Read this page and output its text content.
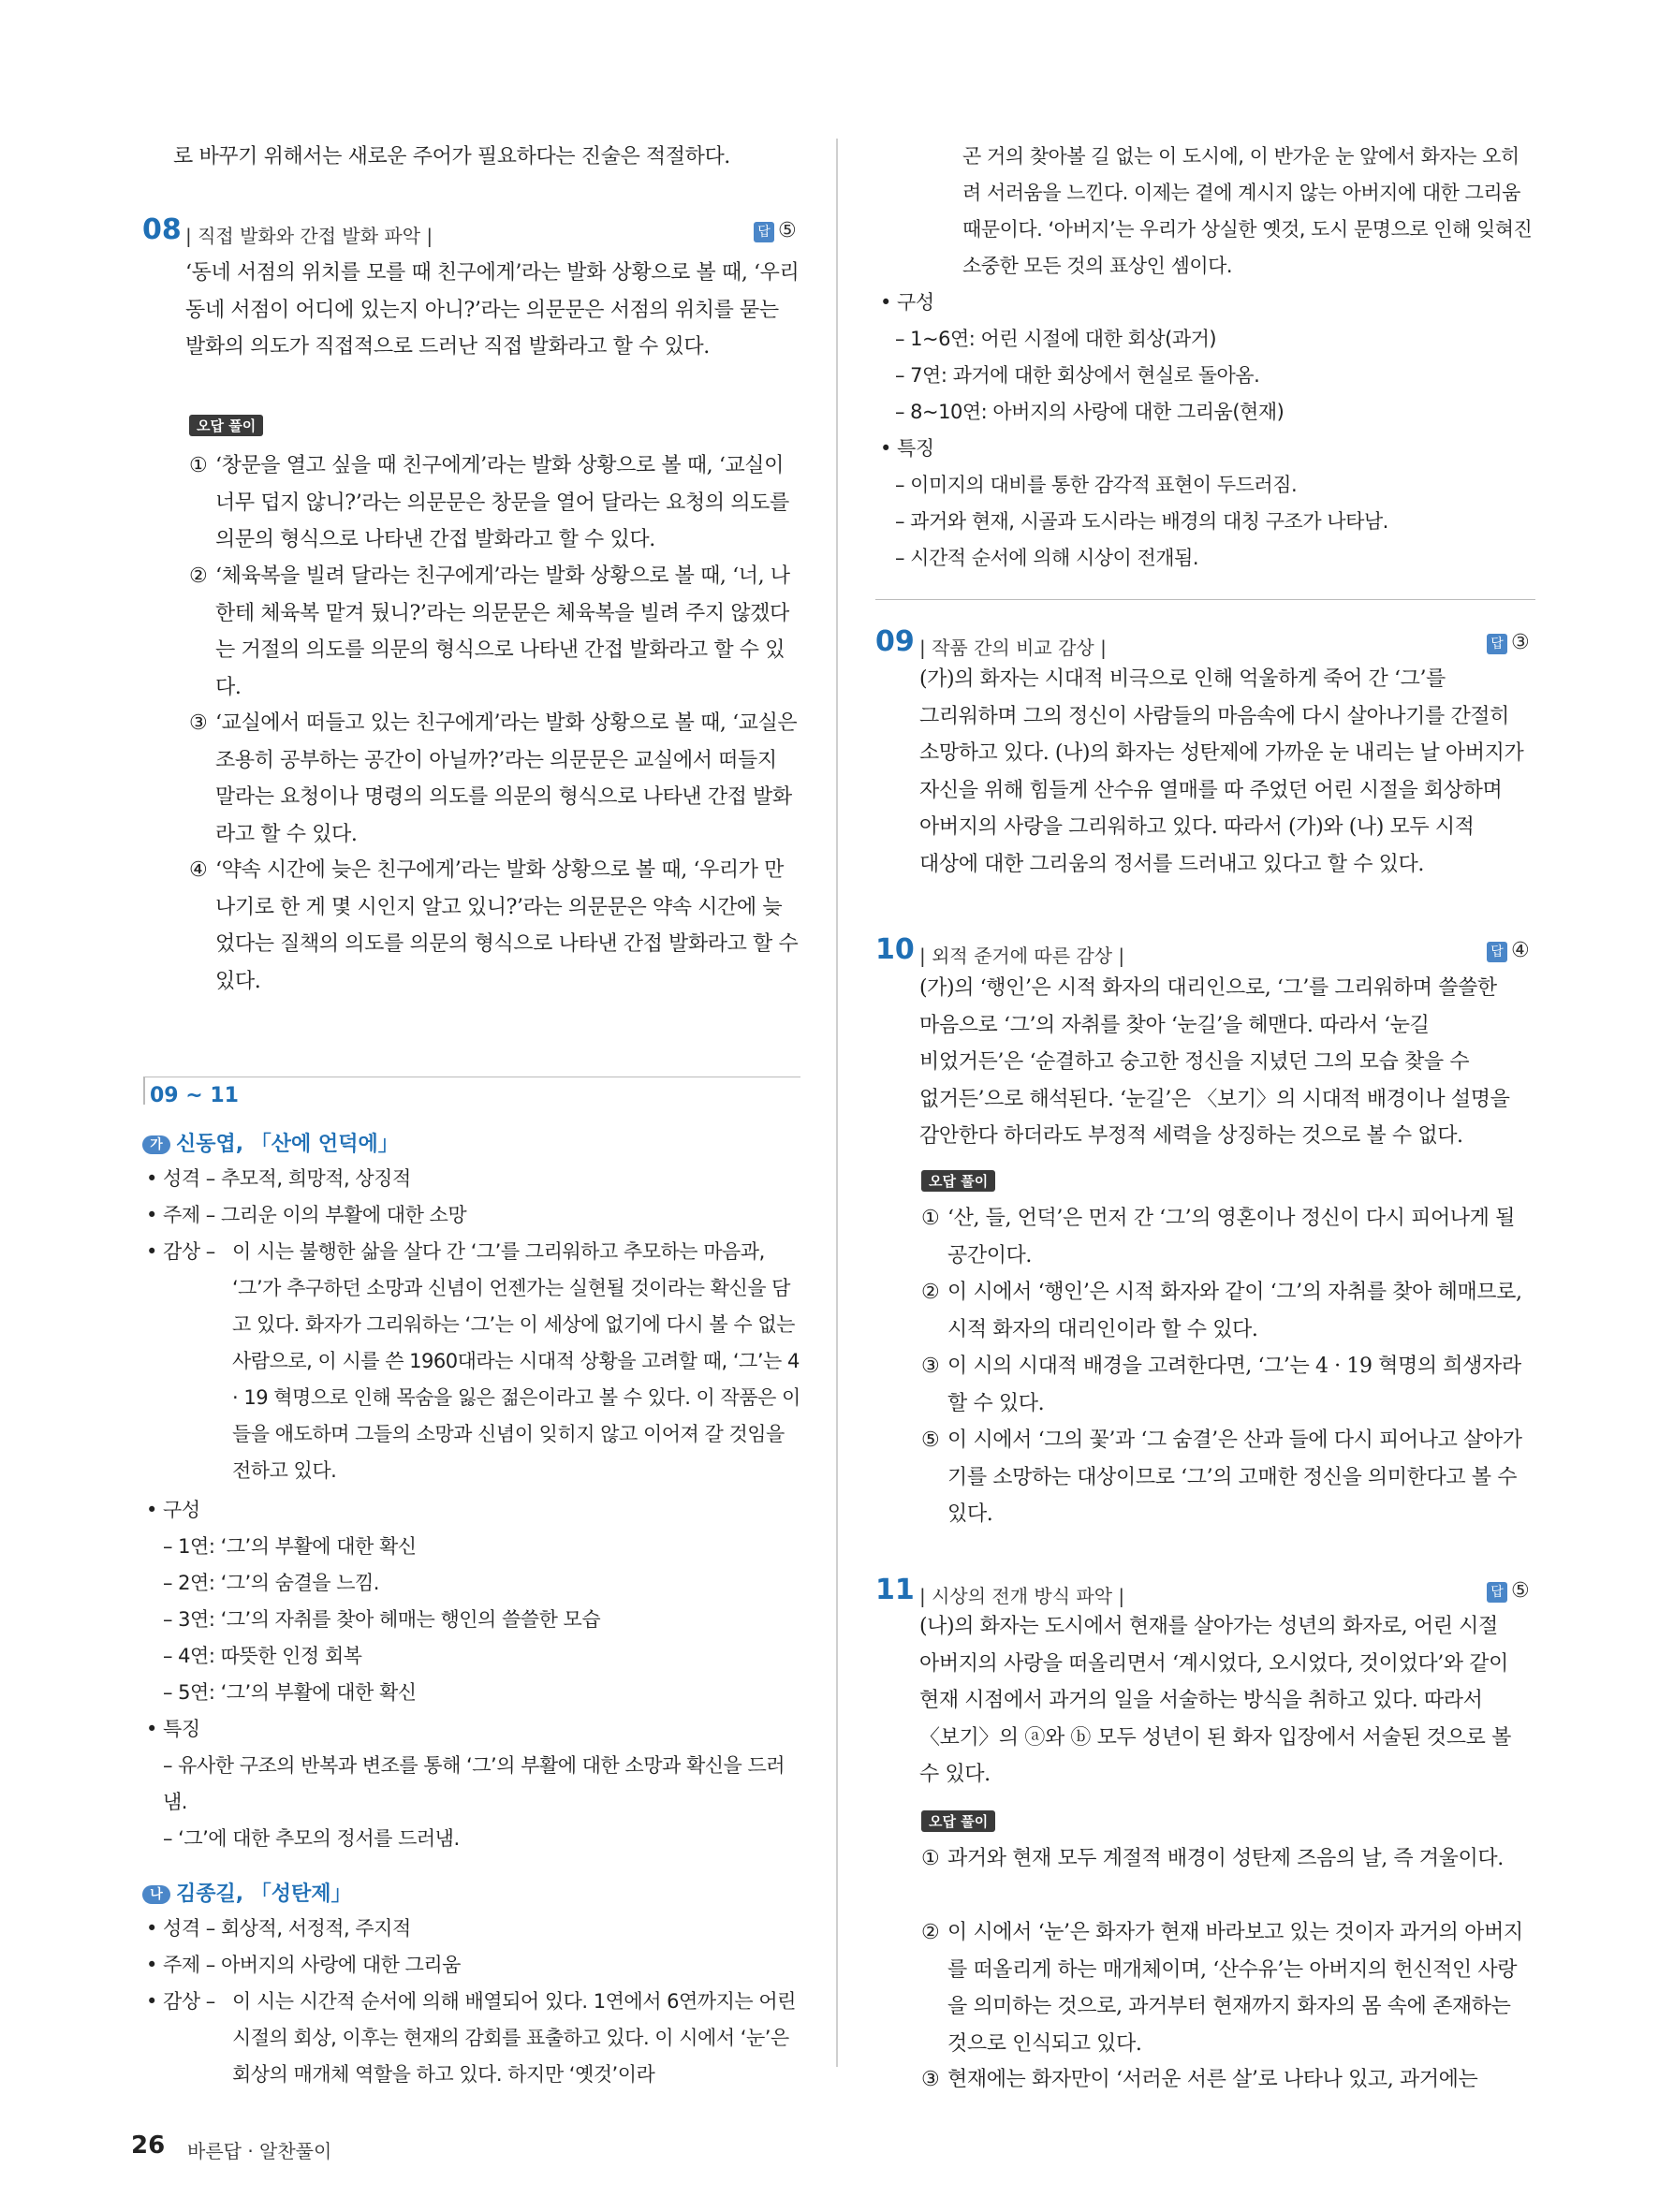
로 바꾸기 위해서는 새로운 주어가 필요하다는 진술은 적절하다.
08 | 직접 발화와 간접 발화 파악 |	답 ⑤
‘동네 서점의 위치를 모를 때 친구에게’라는 발화 상황으로 볼 때, ‘우리 동네 서점이 어디에 있는지 아니?’라는 의문문은 서점의 위치를 묻는 발화의 의도가 직접적으로 드러난 직접 발화라고 할 수 있다.
오답 풀이
① ‘창문을 열고 싶을 때 친구에게’라는 발화 상황으로 볼 때, ‘교실이 너무 덥지 않니?’라는 의문문은 창문을 열어 달라는 요청의 의도를 의문의 형식으로 나타낸 간접 발화라고 할 수 있다.
② ‘체육복을 빌려 달라는 친구에게’라는 발화 상황으로 볼 때, ‘너, 나한테 체육복 맡겨 뒀니?’라는 의문문은 체육복을 빌려 주지 않겠다는 거절의 의도를 의문의 형식으로 나타낸 간접 발화라고 할 수 있다.
③ ‘교실에서 떠들고 있는 친구에게’라는 발화 상황으로 볼 때, ‘교실은 조용히 공부하는 공간이 아닐까?’라는 의문문은 교실에서 떠들지 말라는 요청이나 명령의 의도를 의문의 형식으로 나타낸 간접 발화라고 할 수 있다.
④ ‘약속 시간에 늦은 친구에게’라는 발화 상황으로 볼 때, ‘우리가 만나기로 한 게 몇 시인지 알고 있니?’라는 의문문은 약속 시간에 늦었다는 질책의 의도를 의문의 형식으로 나타낸 간접 발화라고 할 수 있다.
09 ~ 11
가 신동엽, 「산에 언덕에」
• 성격 – 추모적, 희망적, 상징적
• 주제 – 그리운 이의 부활에 대한 소망
• 감상 – 이 시는 불행한 삶을 살다 간 ‘그’를 그리워하고 추모하는 마음과, ‘그’가 추구하던 소망과 신념이 언젠가는 실현될 것이라는 확신을 담고 있다. 화자가 그리워하는 ‘그’는 이 세상에 없기에 다시 볼 수 없는 사람으로, 이 시를 쓴 1960대라는 시대적 상황을 고려할 때, ‘그’는 4 · 19 혁명으로 인해 목숨을 잃은 젊은이라고 볼 수 있다. 이 작품은 이들을 애도하며 그들의 소망과 신념이 잊히지 않고 이어져 갈 것임을 전하고 있다.
• 구성
– 1연: ‘그’의 부활에 대한 확신
– 2연: ‘그’의 숨결을 느낌.
– 3연: ‘그’의 자취를 찾아 헤매는 행인의 쓸쓸한 모습
– 4연: 따뜻한 인정 회복
– 5연: ‘그’의 부활에 대한 확신
• 특징
– 유사한 구조의 반복과 변조를 통해 ‘그’의 부활에 대한 소망과 확신을 드러냄.
– ‘그’에 대한 추모의 정서를 드러냄.
나 김종길, 「성탄제」
• 성격 – 회상적, 서정적, 주지적
• 주제 – 아버지의 사랑에 대한 그리움
• 감상 – 이 시는 시간적 순서에 의해 배열되어 있다. 1연에서 6연까지는 어린 시절의 회상, 이후는 현재의 감회를 표출하고 있다. 이 시에서 ‘눈’은 회상의 매개체 역할을 하고 있다. 하지만 ‘옛것’이라
곤 거의 찾아볼 길 없는 이 도시에, 이 반가운 눈 앞에서 화자는 오히려 서러움을 느낀다. 이제는 곁에 계시지 않는 아버지에 대한 그리움 때문이다. ‘아버지’는 우리가 상실한 옛것, 도시 문명으로 인해 잊혀진 소중한 모든 것의 표상인 셈이다.
• 구성
– 1~6연: 어린 시절에 대한 회상(과거)
– 7연: 과거에 대한 회상에서 현실로 돌아옴.
– 8~10연: 아버지의 사랑에 대한 그리움(현재)
• 특징
– 이미지의 대비를 통한 감각적 표현이 두드러짐.
– 과거와 현재, 시골과 도시라는 배경의 대칭 구조가 나타남.
– 시간적 순서에 의해 시상이 전개됨.
09 | 작품 간의 비교 감상 |	답 ③
(가)의 화자는 시대적 비극으로 인해 억울하게 죽어 간 ‘그’를 그리워하며 그의 정신이 사람들의 마음속에 다시 살아나기를 간절히 소망하고 있다. (나)의 화자는 성탄제에 가까운 눈 내리는 날 아버지가 자신을 위해 힘들게 산수유 열매를 따 주었던 어린 시절을 회상하며 아버지의 사랑을 그리워하고 있다. 따라서 (가)와 (나) 모두 시적 대상에 대한 그리움의 정서를 드러내고 있다고 할 수 있다.
10 | 외적 준거에 따른 감상 |	답 ④
(가)의 ‘행인’은 시적 화자의 대리인으로, ‘그’를 그리워하며 쓸쓸한 마음으로 ‘그’의 자취를 찾아 ‘눈길’을 헤맨다. 따라서 ‘눈길 비었거든’은 ‘순결하고 숭고한 정신을 지녔던 그의 모습 찾을 수 없거든’으로 해석된다. ‘눈길’은 〈보기〉의 시대적 배경이나 설명을 감안한다 하더라도 부정적 세력을 상징하는 것으로 볼 수 없다.
오답 풀이
① ‘산, 들, 언덕’은 먼저 간 ‘그’의 영혼이나 정신이 다시 피어나게 될 공간이다.
② 이 시에서 ‘행인’은 시적 화자와 같이 ‘그’의 자취를 찾아 헤매므로, 시적 화자의 대리인이라 할 수 있다.
③ 이 시의 시대적 배경을 고려한다면, ‘그’는 4 · 19 혁명의 희생자라 할 수 있다.
⑤ 이 시에서 ‘그의 꽃’과 ‘그 숨결’은 산과 들에 다시 피어나고 살아가기를 소망하는 대상이므로 ‘그’의 고매한 정신을 의미한다고 볼 수 있다.
11 | 시상의 전개 방식 파악 |	답 ⑤
(나)의 화자는 도시에서 현재를 살아가는 성년의 화자로, 어린 시절 아버지의 사랑을 떠올리면서 ‘계시었다, 오시었다, 것이었다’와 같이 현재 시점에서 과거의 일을 서술하는 방식을 취하고 있다. 따라서 〈보기〉의 ⓐ와 ⓑ 모두 성년이 된 화자 입장에서 서술된 것으로 볼 수 있다.
오답 풀이
① 과거와 현재 모두 계절적 배경이 성탄제 즈음의 날, 즉 겨울이다.
② 이 시에서 ‘눈’은 화자가 현재 바라보고 있는 것이자 과거의 아버지를 떠올리게 하는 매개체이며, ‘산수유’는 아버지의 헌신적인 사랑을 의미하는 것으로, 과거부터 현재까지 화자의 몸 속에 존재하는 것으로 인식되고 있다.
③ 현재에는 화자만이 ‘서러운 서른 살’로 나타나 있고, 과거에는
26 바른답 · 알찬풀이
